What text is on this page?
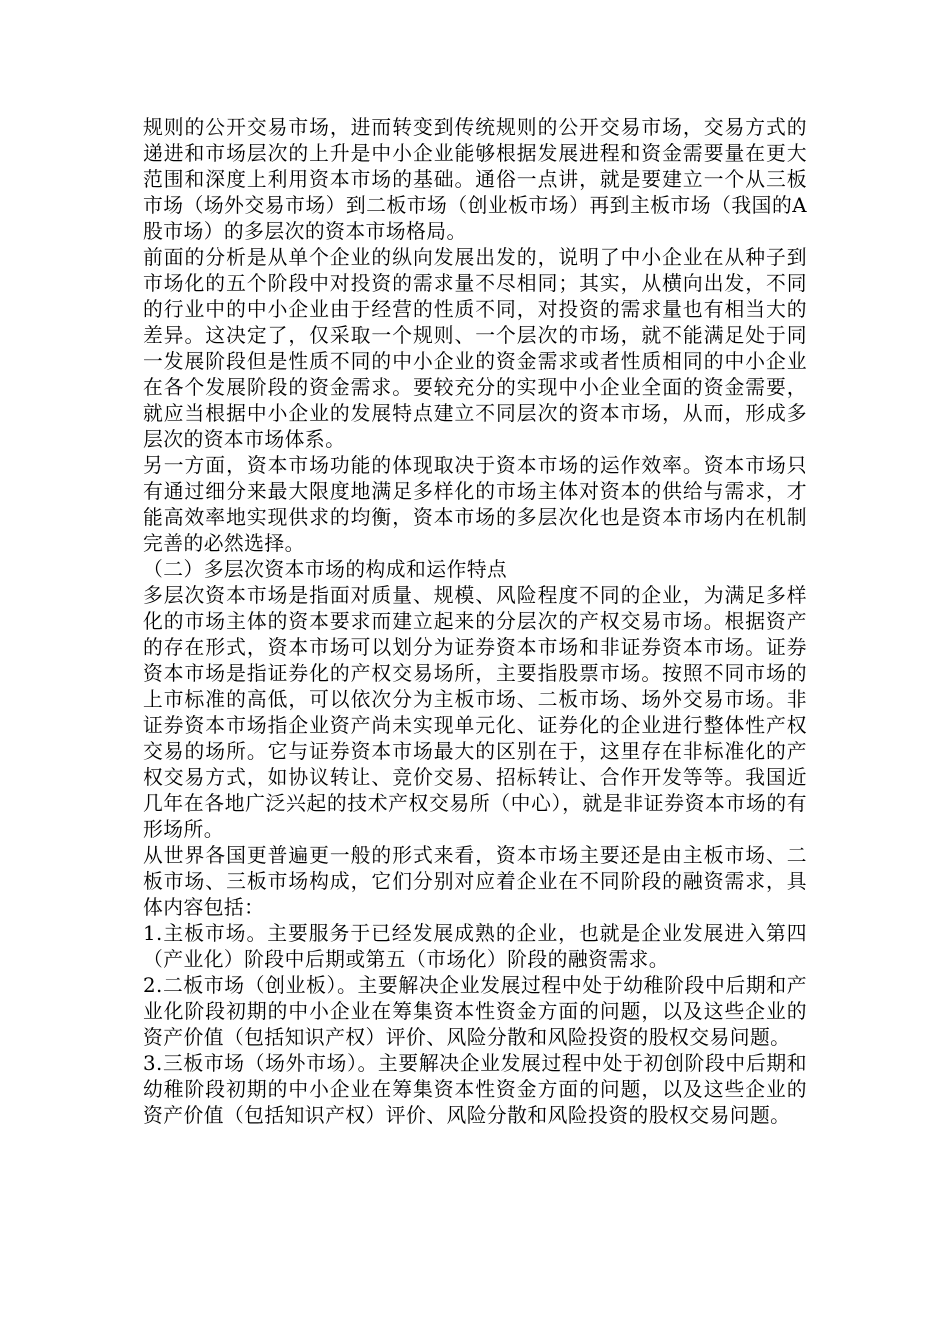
规则的公开交易市场，进而转变到传统规则的公开交易市场，交易方式的递进和市场层次的上升是中小企业能够根据发展进程和资金需要量在更大范围和深度上利用资本市场的基础。通俗一点讲，就是要建立一个从三板市场（场外交易市场）到二板市场（创业板市场）再到主板市场（我国的A股市场）的多层次的资本市场格局。

前面的分析是从单个企业的纵向发展出发的，说明了中小企业在从种子到市场化的五个阶段中对投资的需求量不尽相同；其实，从横向出发，不同的行业中的中小企业由于经营的性质不同，对投资的需求量也有相当大的差异。这决定了，仅采取一个规则、一个层次的市场，就不能满足处于同一发展阶段但是性质不同的中小企业的资金需求或者性质相同的中小企业在各个发展阶段的资金需求。要较充分的实现中小企业全面的资金需要，就应当根据中小企业的发展特点建立不同层次的资本市场，从而，形成多层次的资本市场体系。

另一方面，资本市场功能的体现取决于资本市场的运作效率。资本市场只有通过细分来最大限度地满足多样化的市场主体对资本的供给与需求，才能高效率地实现供求的均衡，资本市场的多层次化也是资本市场内在机制完善的必然选择。

（二）多层次资本市场的构成和运作特点

多层次资本市场是指面对质量、规模、风险程度不同的企业，为满足多样化的市场主体的资本要求而建立起来的分层次的产权交易市场。根据资产的存在形式，资本市场可以划分为证券资本市场和非证券资本市场。证券资本市场是指证券化的产权交易场所，主要指股票市场。按照不同市场的上市标准的高低，可以依次分为主板市场、二板市场、场外交易市场。非证券资本市场指企业资产尚未实现单元化、证券化的企业进行整体性产权交易的场所。它与证券资本市场最大的区别在于，这里存在非标准化的产权交易方式，如协议转让、竞价交易、招标转让、合作开发等等。我国近几年在各地广泛兴起的技术产权交易所（中心），就是非证券资本市场的有形场所。

从世界各国更普遍更一般的形式来看，资本市场主要还是由主板市场、二板市场、三板市场构成，它们分别对应着企业在不同阶段的融资需求，具体内容包括：

1.主板市场。主要服务于已经发展成熟的企业，也就是企业发展进入第四（产业化）阶段中后期或第五（市场化）阶段的融资需求。

2.二板市场（创业板）。主要解决企业发展过程中处于幼稚阶段中后期和产业化阶段初期的中小企业在筹集资本性资金方面的问题，以及这些企业的资产价值（包括知识产权）评价、风险分散和风险投资的股权交易问题。

3.三板市场（场外市场）。主要解决企业发展过程中处于初创阶段中后期和幼稚阶段初期的中小企业在筹集资本性资金方面的问题，以及这些企业的资产价值（包括知识产权）评价、风险分散和风险投资的股权交易问题。
